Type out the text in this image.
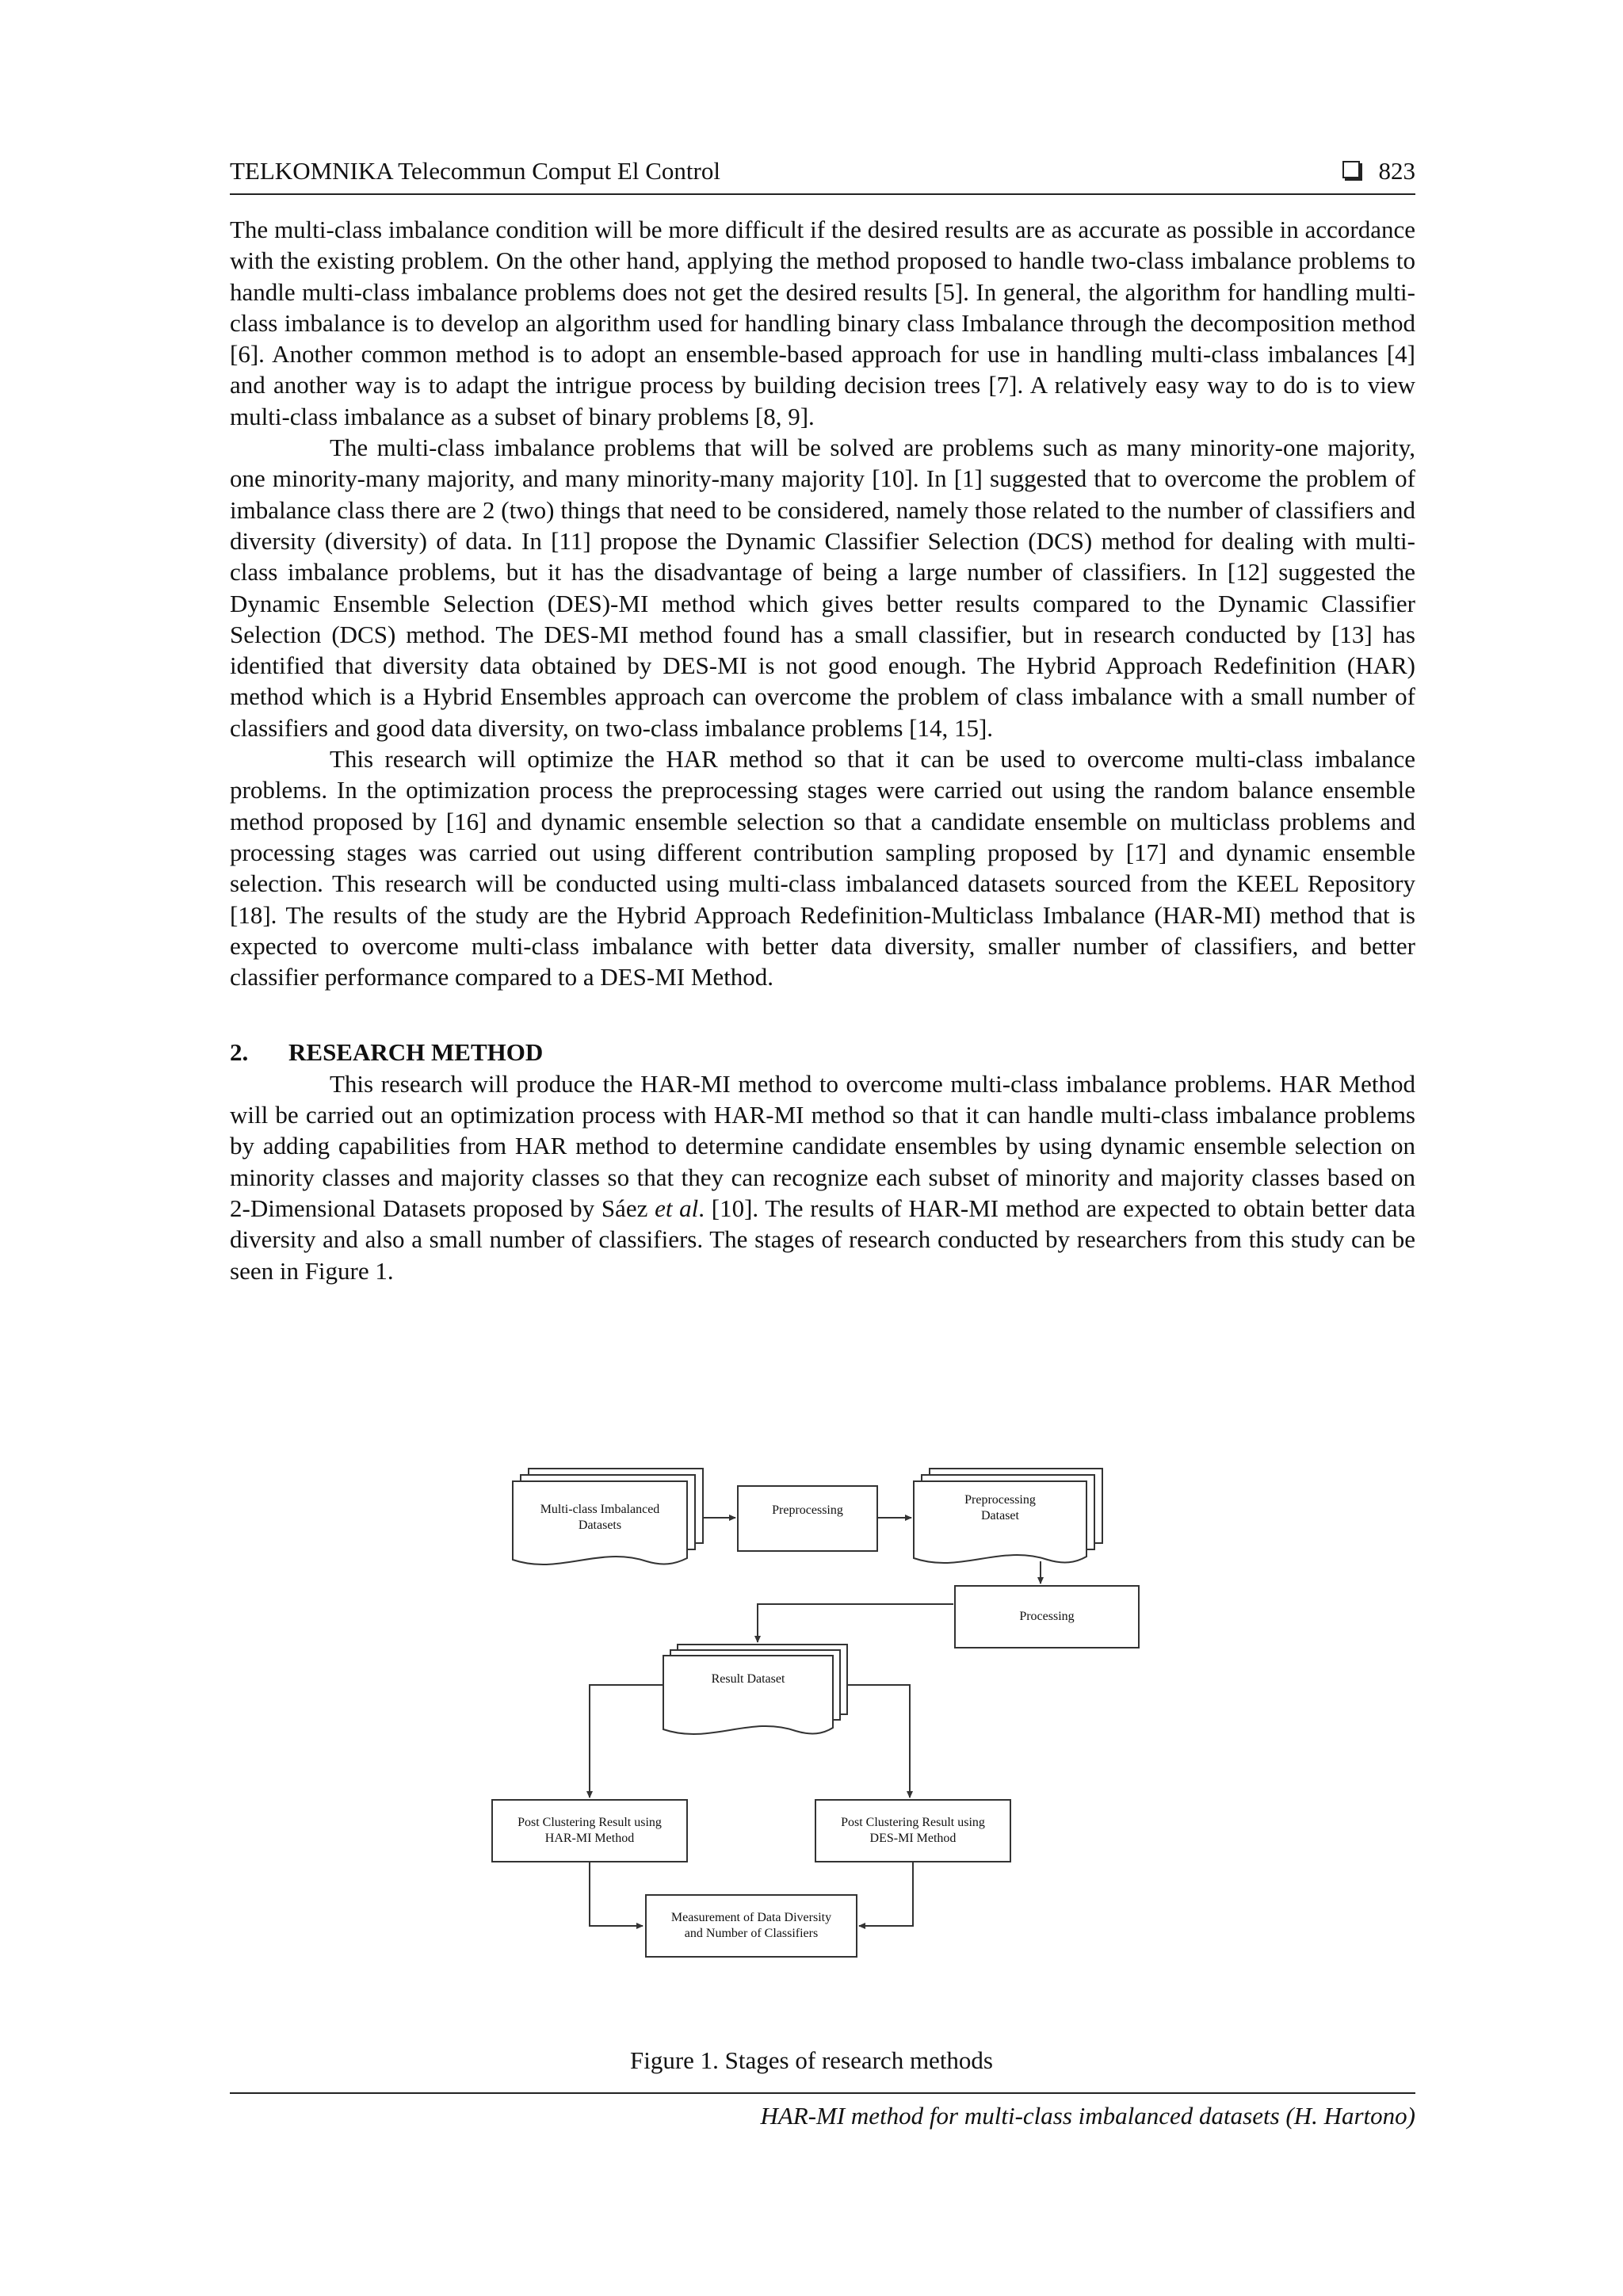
TELKOMNIKA Telecommun Comput El Control	823

The multi-class imbalance condition will be more difficult if the desired results are as accurate as possible in accordance with the existing problem. On the other hand, applying the method proposed to handle two-class imbalance problems to handle multi-class imbalance problems does not get the desired results [5]. In general, the algorithm for handling multi-class imbalance is to develop an algorithm used for handling binary class Imbalance through the decomposition method [6]. Another common method is to adopt an ensemble-based approach for use in handling multi-class imbalances [4] and another way is to adapt the intrigue process by building decision trees [7]. A relatively easy way to do is to view multi-class imbalance as a subset of binary problems [8, 9].

The multi-class imbalance problems that will be solved are problems such as many minority-one majority, one minority-many majority, and many minority-many majority [10]. In [1] suggested that to overcome the problem of imbalance class there are 2 (two) things that need to be considered, namely those related to the number of classifiers and diversity (diversity) of data. In [11] propose the Dynamic Classifier Selection (DCS) method for dealing with multi-class imbalance problems, but it has the disadvantage of being a large number of classifiers. In [12] suggested the Dynamic Ensemble Selection (DES)-MI method which gives better results compared to the Dynamic Classifier Selection (DCS) method. The DES-MI method found has a small classifier, but in research conducted by [13] has identified that diversity data obtained by DES-MI is not good enough. The Hybrid Approach Redefinition (HAR) method which is a Hybrid Ensembles approach can overcome the problem of class imbalance with a small number of classifiers and good data diversity, on two-class imbalance problems [14, 15].

This research will optimize the HAR method so that it can be used to overcome multi-class imbalance problems. In the optimization process the preprocessing stages were carried out using the random balance ensemble method proposed by [16] and dynamic ensemble selection so that a candidate ensemble on multiclass problems and processing stages was carried out using different contribution sampling proposed by [17] and dynamic ensemble selection. This research will be conducted using multi-class imbalanced datasets sourced from the KEEL Repository [18]. The results of the study are the Hybrid Approach Redefinition-Multiclass Imbalance (HAR-MI) method that is expected to overcome multi-class imbalance with better data diversity, smaller number of classifiers, and better classifier performance compared to a DES-MI Method.

2. RESEARCH METHOD

This research will produce the HAR-MI method to overcome multi-class imbalance problems. HAR Method will be carried out an optimization process with HAR-MI method so that it can handle multi-class imbalance problems by adding capabilities from HAR method to determine candidate ensembles by using dynamic ensemble selection on minority classes and majority classes so that they can recognize each subset of minority and majority classes based on 2-Dimensional Datasets proposed by Sáez et al. [10]. The results of HAR-MI method are expected to obtain better data diversity and also a small number of classifiers. The stages of research conducted by researchers from this study can be seen in Figure 1.

Multi-class Imbalanced
Datasets
Preprocessing
Preprocessing
Dataset
Processing
Result Dataset
Post Clustering Result using
HAR-MI Method
Post Clustering Result using
DES-MI Method
Measurement of Data Diversity
and Number of Classifiers
Figure 1. Stages of research methods
HAR-MI method for multi-class imbalanced datasets (H. Hartono)
